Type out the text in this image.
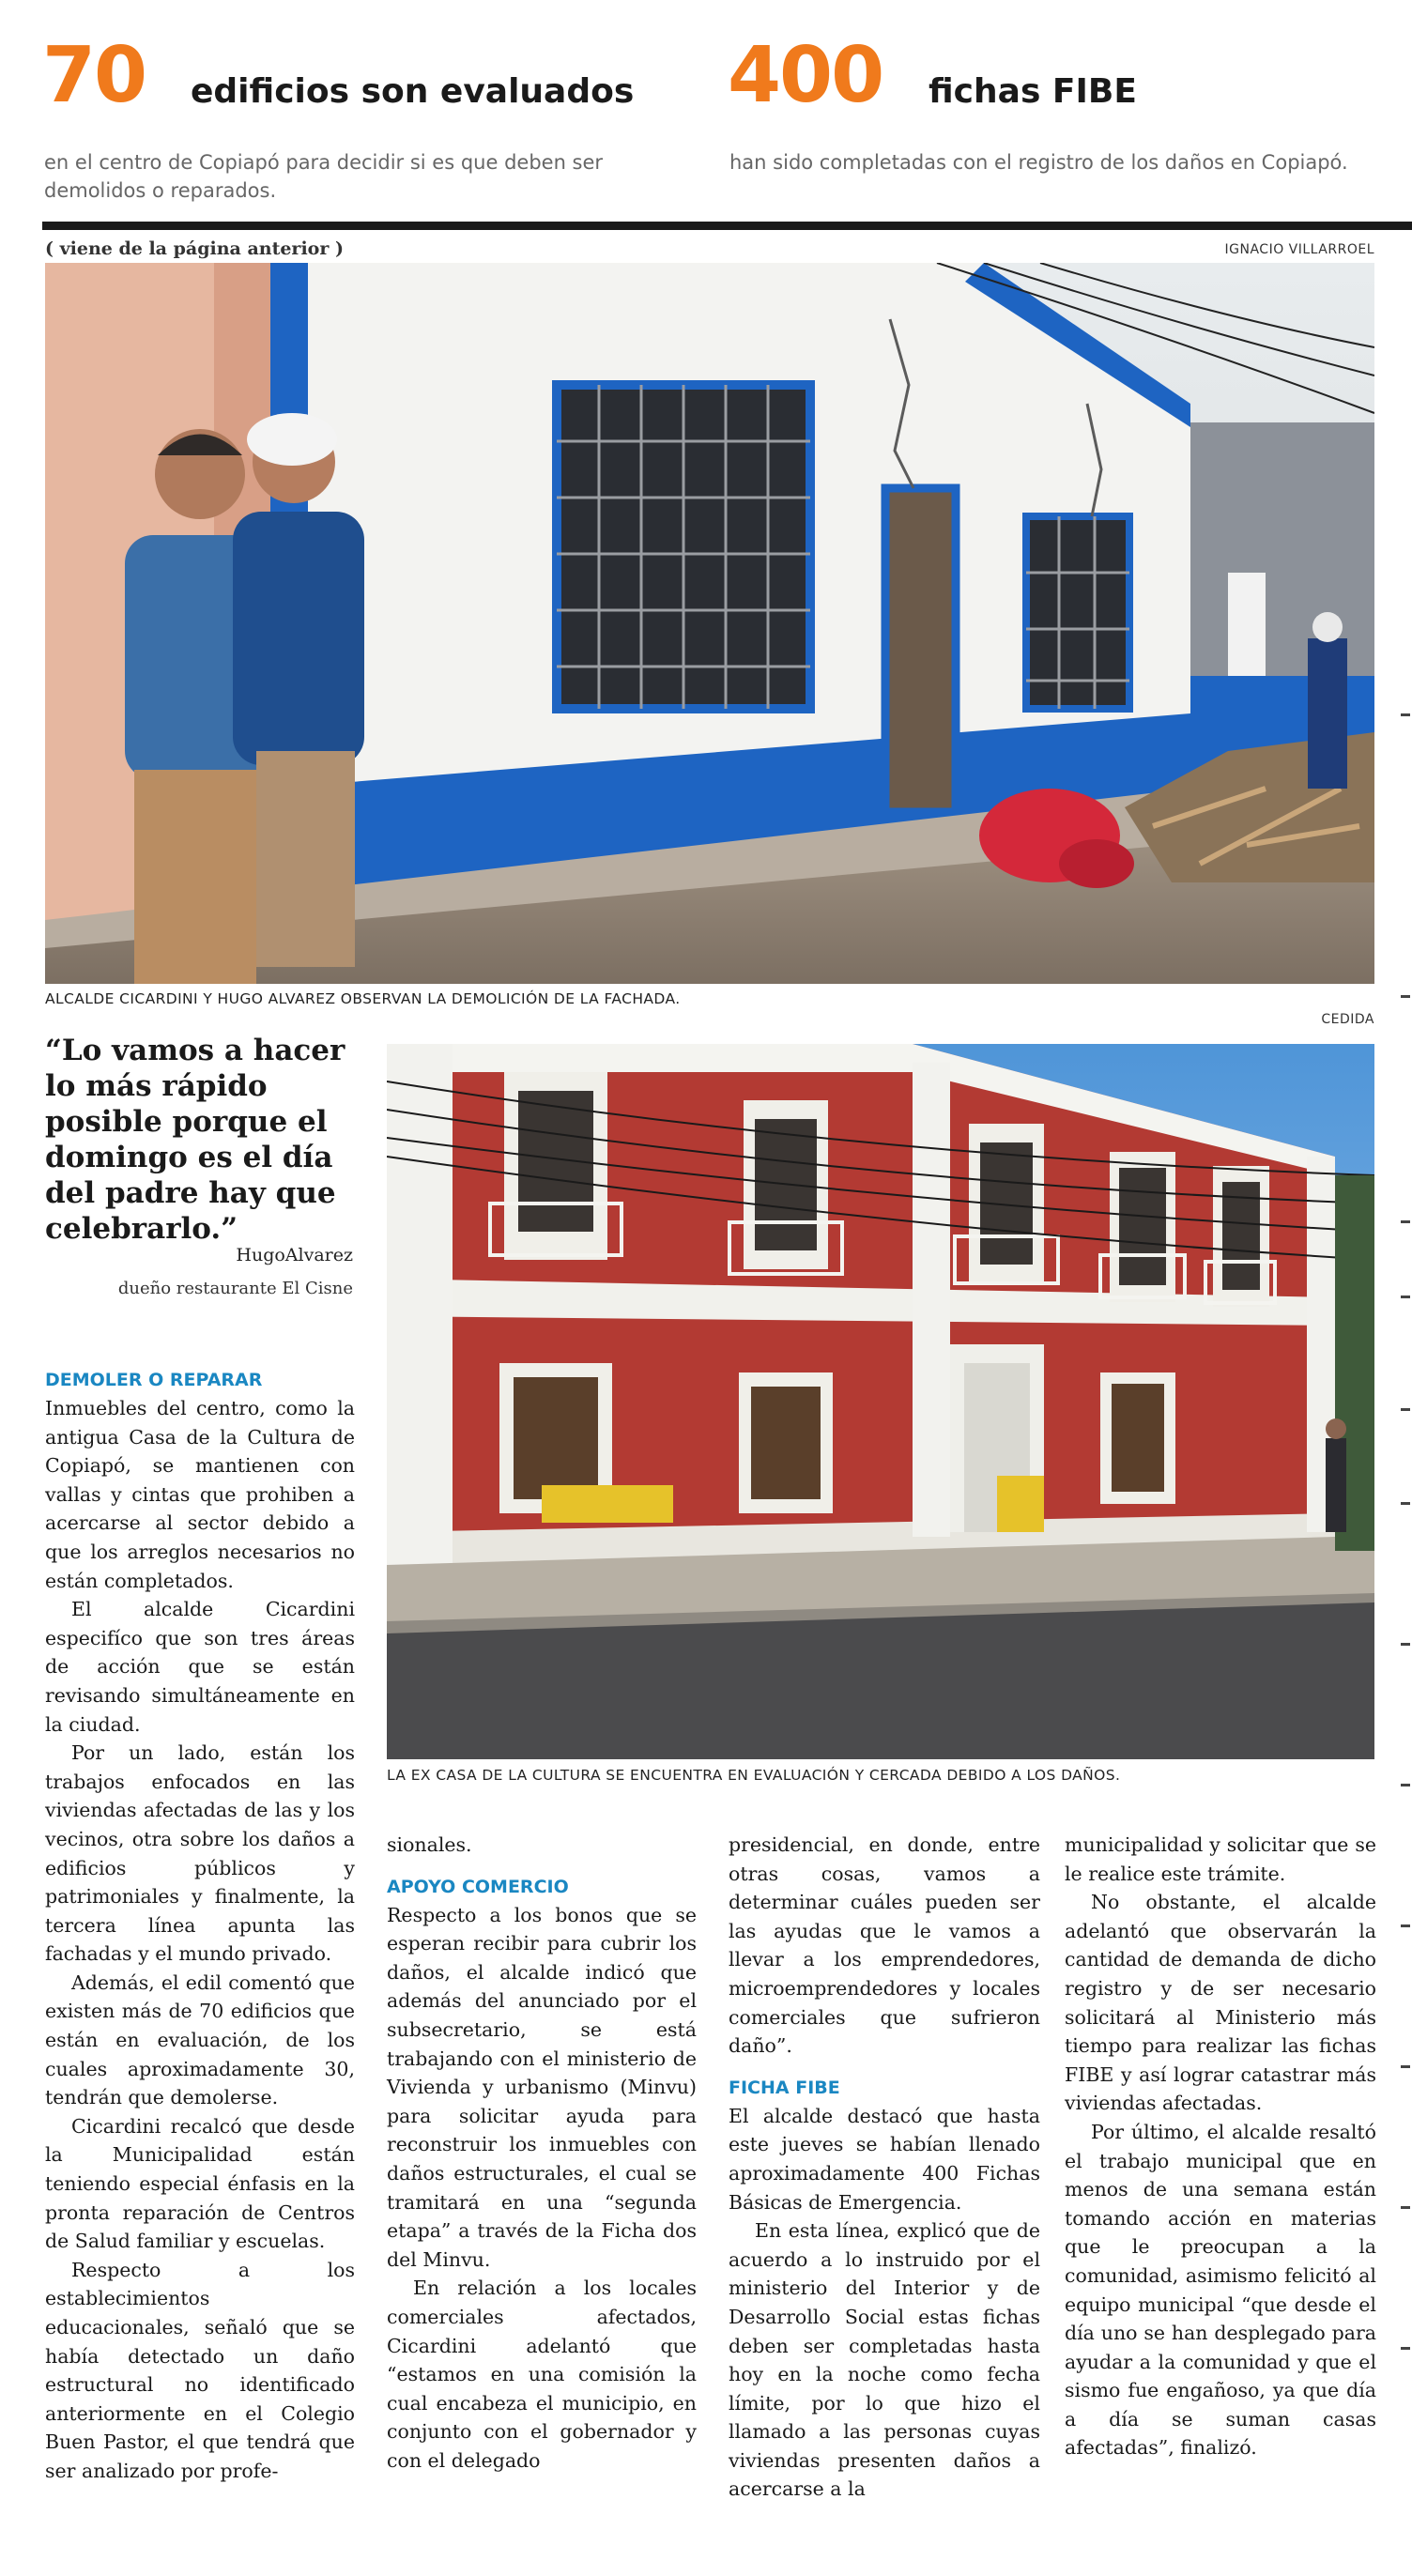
70 edificios son evaluados
en el centro de Copiapó para decidir si es que deben ser demolidos o reparados.
400 fichas FIBE
han sido completadas con el registro de los daños en Copiapó.
( viene de la página anterior )	IGNACIO VILLARROEL
ALCALDE CICARDINI Y HUGO ALVAREZ OBSERVAN LA DEMOLICIÓN DE LA FACHADA.
CEDIDA
“Lo vamos a hacer lo más rápido posible porque el domingo es el día del padre hay que celebrarlo.”
HugoAlvarez
dueño restaurante El Cisne
LA EX CASA DE LA CULTURA SE ENCUENTRA EN EVALUACIÓN Y CERCADA DEBIDO A LOS DAÑOS.

DEMOLER O REPARAR

Inmuebles del centro, como la antigua Casa de la Cultura de Copiapó, se mantienen con vallas y cintas que prohiben a acercarse al sector debido a que los arreglos necesarios no están completados.

El alcalde Cicardini especifíco que son tres áreas de acción que se están revisando simultáneamente en la ciudad.

Por un lado, están los trabajos enfocados en las viviendas afectadas de las y los vecinos, otra sobre los daños a edificios públicos y patrimoniales y finalmente, la tercera línea apunta las fachadas y el mundo privado.

Además, el edil comentó que existen más de 70 edificios que están en evaluación, de los cuales aproximadamente 30, tendrán que demolerse.

Cicardini recalcó que desde la Municipalidad están teniendo especial énfasis en la pronta reparación de Centros de Salud familiar y escuelas.

Respecto a los establecimientos educacionales, señaló que se había detectado un daño estructural no identificado anteriormente en el Colegio Buen Pastor, el que tendrá que ser analizado por profe-

sionales.

APOYO COMERCIO

Respecto a los bonos que se esperan recibir para cubrir los daños, el alcalde indicó que además del anunciado por el subsecretario, se está trabajando con el ministerio de Vivienda y urbanismo (Minvu) para solicitar ayuda para reconstruir los inmuebles con daños estructurales, el cual se tramitará en una “segunda etapa” a través de la Ficha dos del Minvu.

En relación a los locales comerciales afectados, Cicardini adelantó que “estamos en una comisión la cual encabeza el municipio, en conjunto con el gobernador y con el delegado

presidencial, en donde, entre otras cosas, vamos a determinar cuáles pueden ser las ayudas que le vamos a llevar a los emprendedores, microemprendedores y locales comerciales que sufrieron daño”.

FICHA FIBE

El alcalde destacó que hasta este jueves se habían llenado aproximadamente 400 Fichas Básicas de Emergencia.

En esta línea, explicó que de acuerdo a lo instruido por el ministerio del Interior y de Desarrollo Social estas fichas deben ser completadas hasta hoy en la noche como fecha límite, por lo que hizo el llamado a las personas cuyas viviendas presenten daños a acercarse a la

municipalidad y solicitar que se le realice este trámite.

No obstante, el alcalde adelantó que observarán la cantidad de demanda de dicho registro y de ser necesario solicitará al Ministerio más tiempo para realizar las fichas FIBE y así lograr catastrar más viviendas afectadas.

Por último, el alcalde resaltó el trabajo municipal que en menos de una semana están tomando acción en materias que le preocupan a la comunidad, asimismo felicitó al equipo municipal “que desde el día uno se han desplegado para ayudar a la comunidad y que el sismo fue engañoso, ya que día a día se suman casas afectadas”, finalizó.
